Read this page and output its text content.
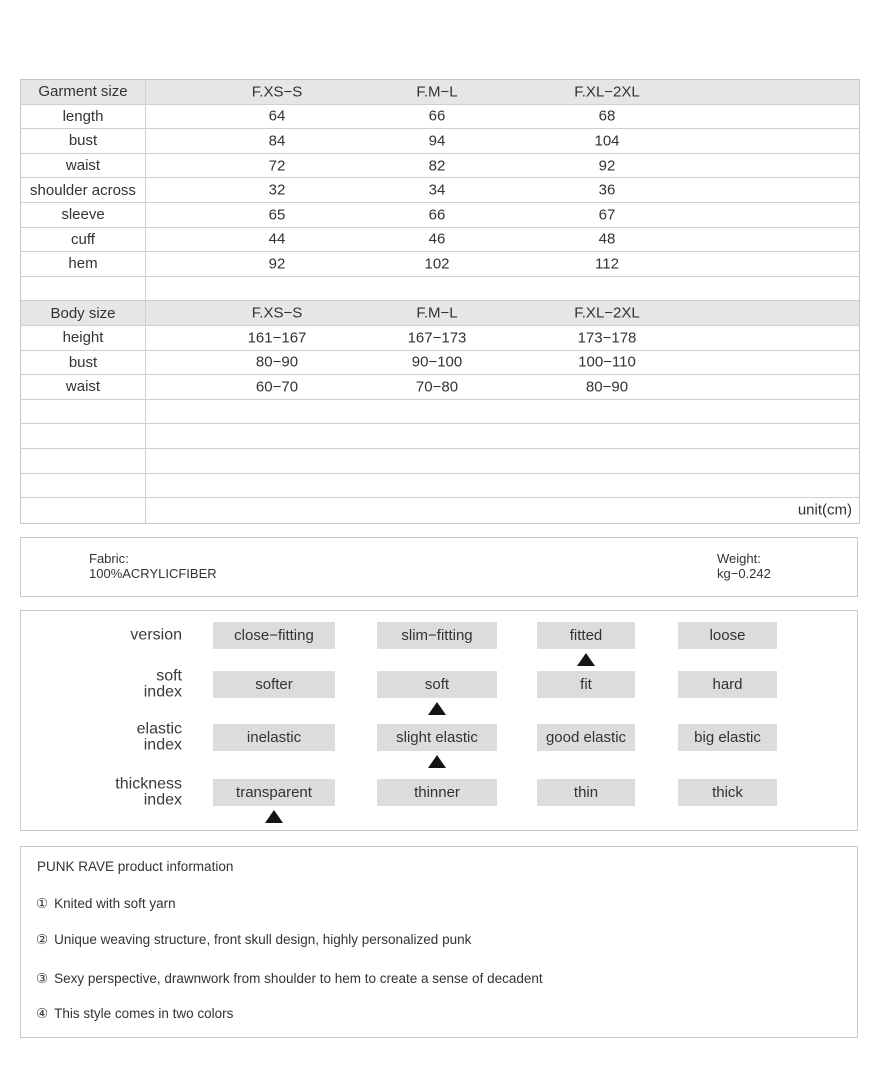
Garment size	F.XS−S	F.M−L	F.XL−2XL
length	64	66	68
bust	84	94	104
waist	72	82	92
shoulder across	32	34	36
sleeve	65	66	67
cuff	44	46	48
hem	92	102	112
Body size	F.XS−S	F.M−L	F.XL−2XL
height	161−167	167−173	173−178
bust	80−90	90−100	100−110
waist	60−70	70−80	80−90
unit(cm)
Fabric:
100%ACRYLICFIBER
Weight:
kg−0.242
version	close−fitting	slim−fitting	fitted	loose
soft
index	softer	soft	fit	hard
elastic
index	inelastic	slight elastic	good elastic	big elastic
thickness
index	transparent	thinner	thin	thick
PUNK RAVE product information
① Knited with soft yarn
② Unique weaving structure, front skull design, highly personalized punk
③ Sexy perspective, drawnwork from shoulder to hem to create a sense of decadent
④ This style comes in two colors
